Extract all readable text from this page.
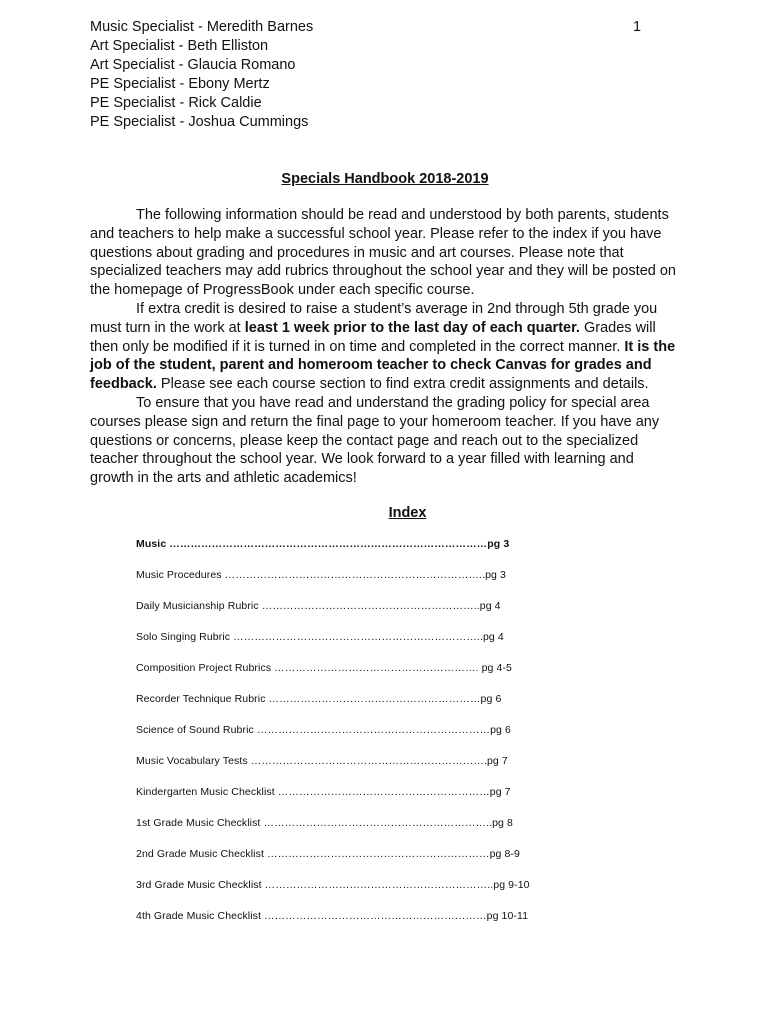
Music Specialist - Meredith Barnes
Art Specialist - Beth Elliston
Art Specialist - Glaucia Romano
PE Specialist - Ebony Mertz
PE Specialist - Rick Caldie
PE Specialist - Joshua Cummings
1
Specials Handbook 2018-2019

The following information should be read and understood by both parents, students and teachers to help make a successful school year. Please refer to the index if you have questions about grading and procedures in music and art courses. Please note that specialized teachers may add rubrics throughout the school year and they will be posted on the homepage of ProgressBook under each specific course.

If extra credit is desired to raise a student’s average in 2nd through 5th grade you must turn in the work at least 1 week prior to the last day of each quarter. Grades will then only be modified if it is turned in on time and completed in the correct manner. It is the job of the student, parent and homeroom teacher to check Canvas for grades and feedback. Please see each course section to find extra credit assignments and details.

To ensure that you have read and understand the grading policy for special area courses please sign and return the final page to your homeroom teacher. If you have any questions or concerns, please keep the contact page and reach out to the specialized teacher throughout the school year. We look forward to a year filled with learning and growth in the arts and athletic academics!

Index
Music ………………………………………………………………………………pg 3
Music Procedures ………………………………………………………………..pg 3
Daily Musicianship Rubric ……………………………………………………..pg 4
Solo Singing Rubric ……………………………………………………………..pg 4
Composition Project Rubrics …………………………………………………. pg 4-5
Recorder Technique Rubric ……………………………………………………pg 6
Science of Sound Rubric …………………………………………………………pg 6
Music Vocabulary Tests ………………………………………………………….pg 7
Kindergarten Music Checklist ……………………………………………………pg 7
1st Grade Music Checklist ………………………………………………………..pg 8
2nd Grade Music Checklist ………………………………………………………pg 8-9
3rd Grade Music Checklist ………………………………………………………..pg 9-10
4th Grade Music Checklist ………………………………………………………pg 10-11
